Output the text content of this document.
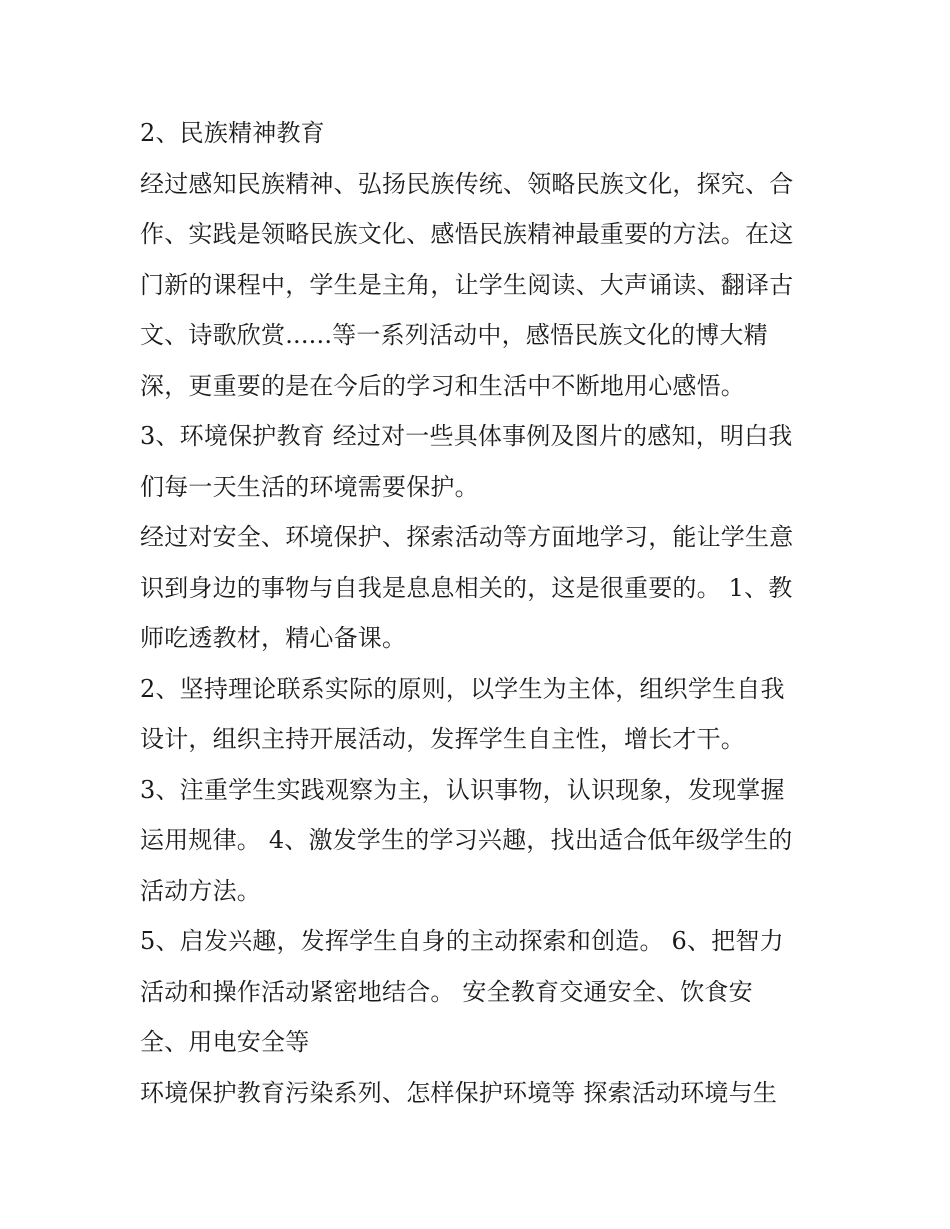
2、民族精神教育
经过感知民族精神、弘扬民族传统、领略民族文化，探究、合
作、实践是领略民族文化、感悟民族精神最重要的方法。在这
门新的课程中，学生是主角，让学生阅读、大声诵读、翻译古
文、诗歌欣赏......等一系列活动中，感悟民族文化的博大精
深，更重要的是在今后的学习和生活中不断地用心感悟。
3、环境保护教育 经过对一些具体事例及图片的感知，明白我
们每一天生活的环境需要保护。
经过对安全、环境保护、探索活动等方面地学习，能让学生意
识到身边的事物与自我是息息相关的，这是很重要的。 1、教
师吃透教材，精心备课。
2、坚持理论联系实际的原则，以学生为主体，组织学生自我
设计，组织主持开展活动，发挥学生自主性，增长才干。
3、注重学生实践观察为主，认识事物，认识现象，发现掌握
运用规律。 4、激发学生的学习兴趣，找出适合低年级学生的
活动方法。
5、启发兴趣，发挥学生自身的主动探索和创造。 6、把智力
活动和操作活动紧密地结合。 安全教育交通安全、饮食安
全、用电安全等
环境保护教育污染系列、怎样保护环境等 探索活动环境与生
